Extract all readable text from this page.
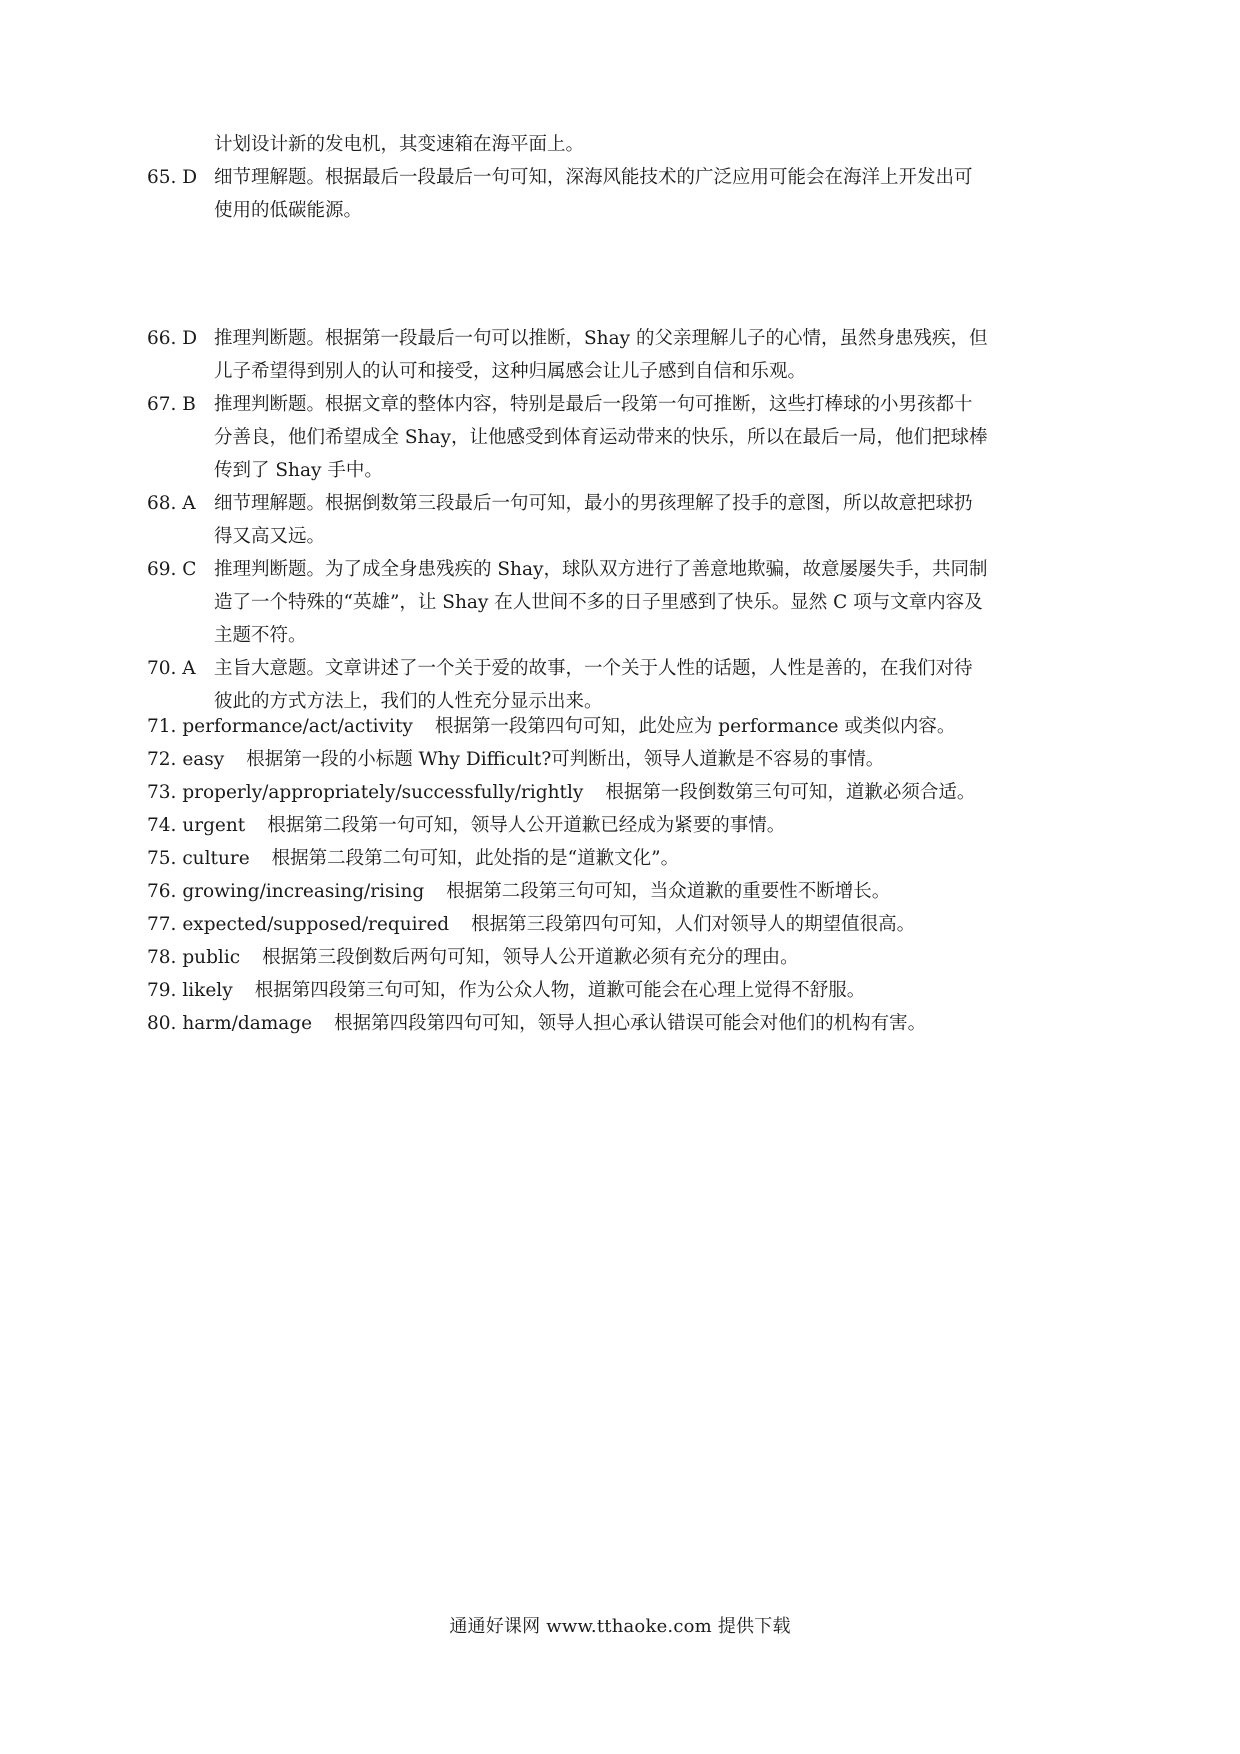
计划设计新的发电机，其变速箱在海平面上。
65. D 细节理解题。根据最后一段最后一句可知，深海风能技术的广泛应用可能会在海洋上开发出可
使用的低碳能源。
66. D 推理判断题。根据第一段最后一句可以推断，Shay 的父亲理解儿子的心情，虽然身患残疾，但
儿子希望得到别人的认可和接受，这种归属感会让儿子感到自信和乐观。
67. B 推理判断题。根据文章的整体内容，特别是最后一段第一句可推断，这些打棒球的小男孩都十
分善良，他们希望成全 Shay，让他感受到体育运动带来的快乐，所以在最后一局，他们把球棒
传到了 Shay 手中。
68. A 细节理解题。根据倒数第三段最后一句可知，最小的男孩理解了投手的意图，所以故意把球扔
得又高又远。
69. C 推理判断题。为了成全身患残疾的 Shay，球队双方进行了善意地欺骗，故意屡屡失手，共同制
造了一个特殊的“英雄”，让 Shay 在人世间不多的日子里感到了快乐。显然 C 项与文章内容及
主题不符。
70. A 主旨大意题。文章讲述了一个关于爱的故事，一个关于人性的话题，人性是善的，在我们对待
彼此的方式方法上，我们的人性充分显示出来。
71. performance/act/activity 根据第一段第四句可知，此处应为 performance 或类似内容。
72. easy 根据第一段的小标题 Why Difficult?可判断出，领导人道歉是不容易的事情。
73. properly/appropriately/successfully/rightly 根据第一段倒数第三句可知，道歉必须合适。
74. urgent 根据第二段第一句可知，领导人公开道歉已经成为紧要的事情。
75. culture 根据第二段第二句可知，此处指的是“道歉文化”。
76. growing/increasing/rising 根据第二段第三句可知，当众道歉的重要性不断增长。
77. expected/supposed/required 根据第三段第四句可知，人们对领导人的期望值很高。
78. public 根据第三段倒数后两句可知，领导人公开道歉必须有充分的理由。
79. likely 根据第四段第三句可知，作为公众人物，道歉可能会在心理上觉得不舒服。
80. harm/damage 根据第四段第四句可知，领导人担心承认错误可能会对他们的机构有害。
通通好课网 www.tthaoke.com 提供下载
